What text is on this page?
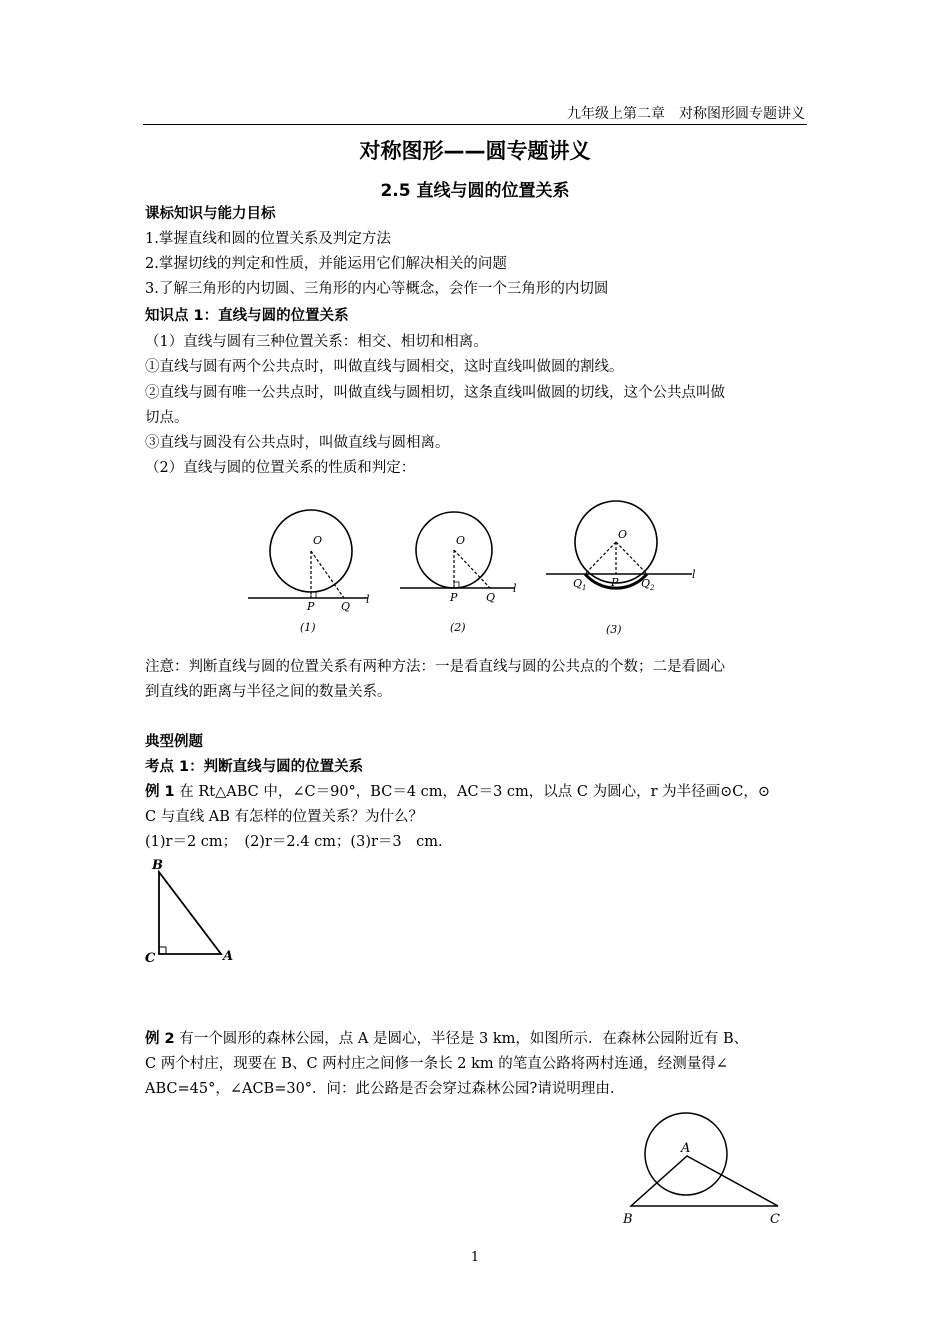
九年级上第二章　对称图形圆专题讲义
对称图形——圆专题讲义
2.5 直线与圆的位置关系
课标知识与能力目标
1.掌握直线和圆的位置关系及判定方法
2.掌握切线的判定和性质，并能运用它们解决相关的问题
3.了解三角形的内切圆、三角形的内心等概念，会作一个三角形的内切圆
知识点 1：直线与圆的位置关系
（1）直线与圆有三种位置关系：相交、相切和相离。
①直线与圆有两个公共点时，叫做直线与圆相交，这时直线叫做圆的割线。
②直线与圆有唯一公共点时，叫做直线与圆相切，这条直线叫做圆的切线，这个公共点叫做
切点。
③直线与圆没有公共点时，叫做直线与圆相离。
（2）直线与圆的位置关系的性质和判定：
O
P Q
l
(1)
O
P	Q
l
(2)
O
P
$Q_1$	$Q_2$
l
(3)
注意：判断直线与圆的位置关系有两种方法：一是看直线与圆的公共点的个数；二是看圆心
到直线的距离与半径之间的数量关系。
典型例题
考点 1：判断直线与圆的位置关系
例 1 在 Rt△ABC 中，∠C＝90°，BC＝4 cm，AC＝3 cm，以点 C 为圆心，r 为半径画⊙C，⊙
C 与直线 AB 有怎样的位置关系？为什么？
(1)r＝2 cm；　(2)r＝2.4 cm；(3)r＝3　cm.
B
C	A
例 2 有一个圆形的森林公园，点 A 是圆心，半径是 3 km，如图所示．在森林公园附近有 B、
C 两个村庄，现要在 B、C 两村庄之间修一条长 2 km 的笔直公路将两村连通，经测量得∠
ABC=45°，∠ACB=30°．问：此公路是否会穿过森林公园?请说明理由.
A
B	C
1
